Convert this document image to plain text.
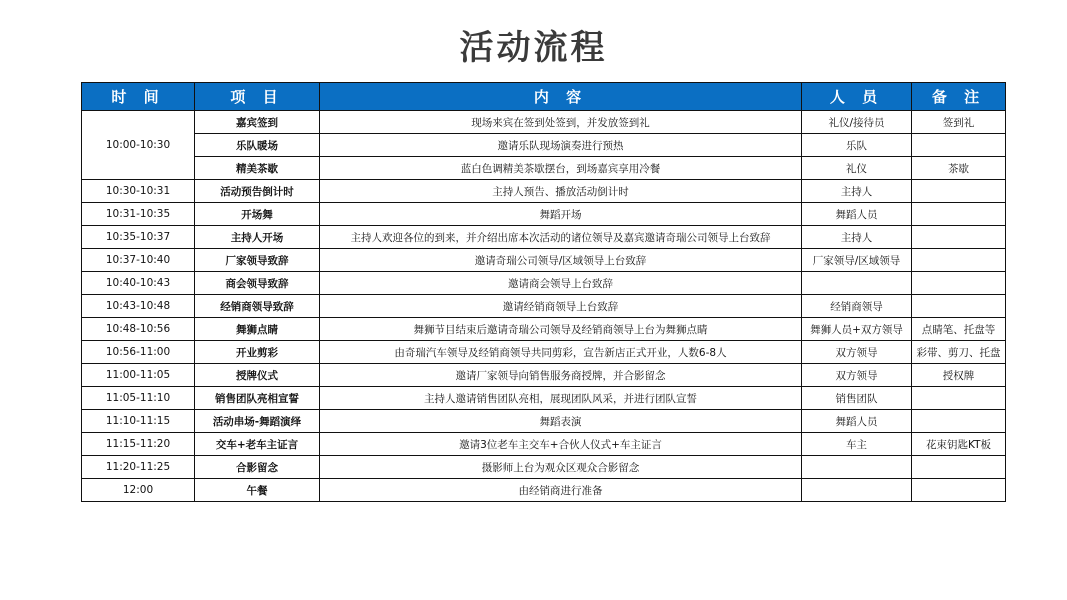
活动流程
时 间	项 目	内 容	人 员	备 注
10:00-10:30	嘉宾签到	现场来宾在签到处签到，并发放签到礼	礼仪/接待员	签到礼
	乐队暖场	邀请乐队现场演奏进行预热	乐队	
	精美茶歇	蓝白色调精美茶歇摆台，到场嘉宾享用冷餐	礼仪	茶歇
10:30-10:31	活动预告倒计时	主持人预告、播放活动倒计时	主持人	
10:31-10:35	开场舞	舞蹈开场	舞蹈人员	
10:35-10:37	主持人开场	主持人欢迎各位的到来，并介绍出席本次活动的诸位领导及嘉宾邀请奇瑞公司领导上台致辞	主持人	
10:37-10:40	厂家领导致辞	邀请奇瑞公司领导/区域领导上台致辞	厂家领导/区域领导	
10:40-10:43	商会领导致辞	邀请商会领导上台致辞		
10:43-10:48	经销商领导致辞	邀请经销商领导上台致辞	经销商领导	
10:48-10:56	舞狮点睛	舞狮节目结束后邀请奇瑞公司领导及经销商领导上台为舞狮点睛	舞狮人员+双方领导	点睛笔、托盘等
10:56-11:00	开业剪彩	由奇瑞汽车领导及经销商领导共同剪彩，宣告新店正式开业，人数6-8人	双方领导	彩带、剪刀、托盘
11:00-11:05	授牌仪式	邀请厂家领导向销售服务商授牌，并合影留念	双方领导	授权牌
11:05-11:10	销售团队亮相宣誓	主持人邀请销售团队亮相，展现团队风采，并进行团队宣誓	销售团队	
11:10-11:15	活动串场-舞蹈演绎	舞蹈表演	舞蹈人员	
11:15-11:20	交车+老车主证言	邀请3位老车主交车+合伙人仪式+车主证言	车主	花束钥匙KT板
11:20-11:25	合影留念	摄影师上台为观众区观众合影留念		
12:00	午餐	由经销商进行准备		
